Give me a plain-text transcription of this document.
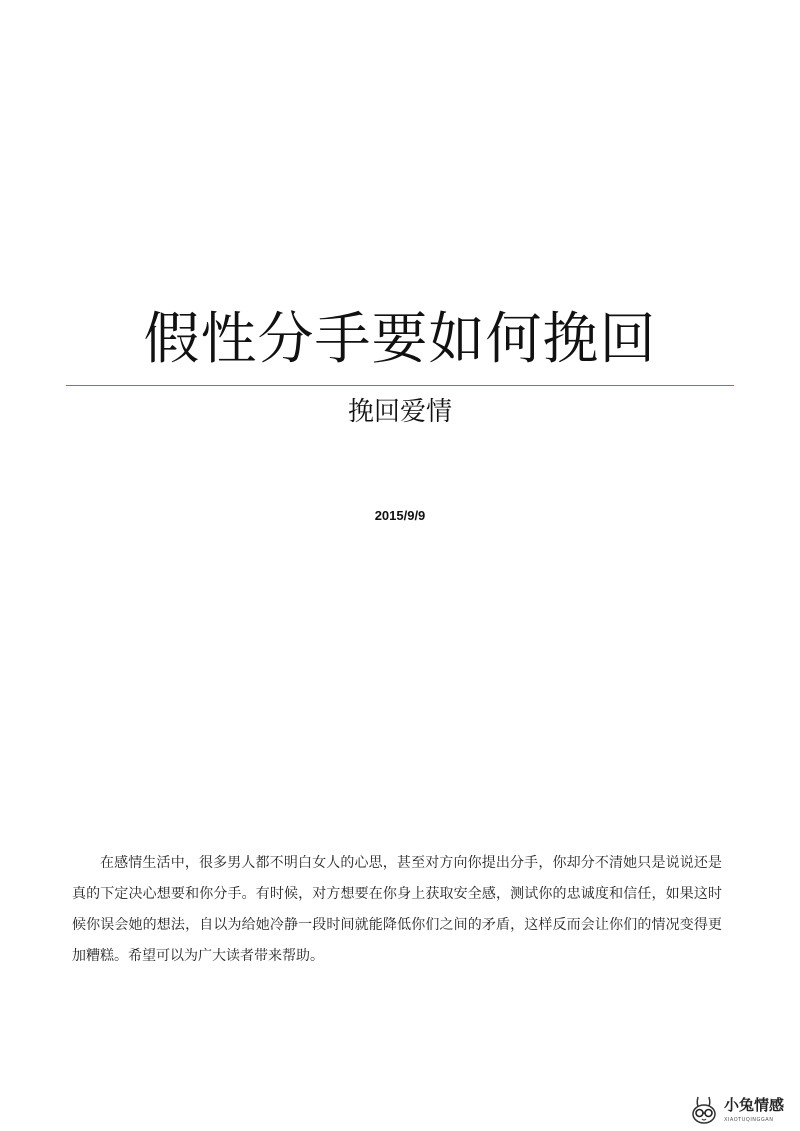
假性分手要如何挽回
挽回爱情
2015/9/9

在感情生活中，很多男人都不明白女人的心思，甚至对方向你提出分手，你却分不清她只是说说还是真的下定决心想要和你分手。有时候，对方想要在你身上获取安全感，测试你的忠诚度和信任，如果这时候你误会她的想法，自以为给她冷静一段时间就能降低你们之间的矛盾，这样反而会让你们的情况变得更加糟糕。希望可以为广大读者带来帮助。

小兔情感
XIAOTUQINGGAN
